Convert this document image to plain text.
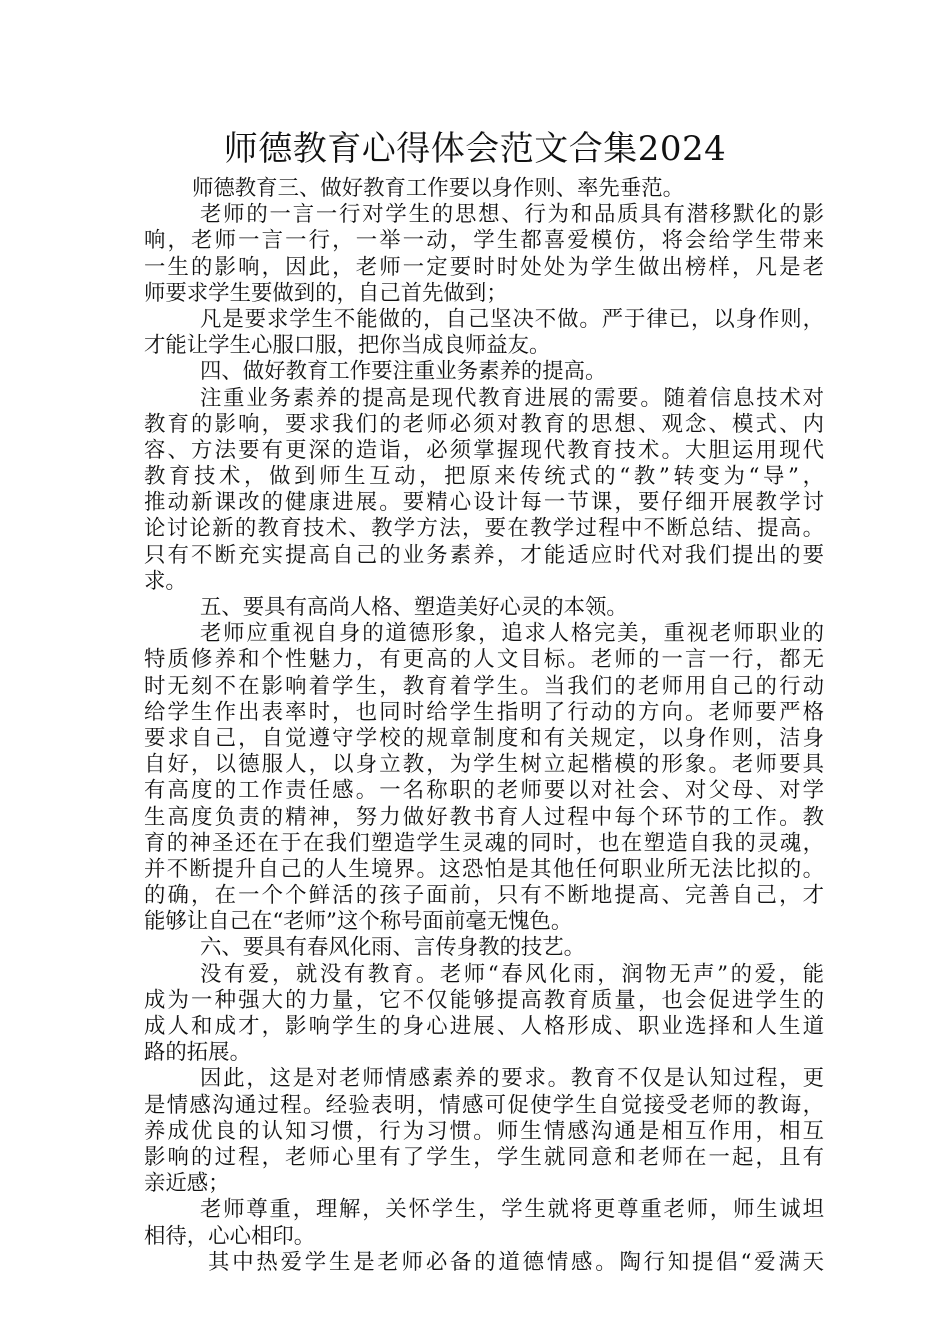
师德教育心得体会范文合集2024
师德教育三、做好教育工作要以身作则、率先垂范。
老师的一言一行对学生的思想、行为和品质具有潜移默化的影
响，老师一言一行，一举一动，学生都喜爱模仿，将会给学生带来
一生的影响，因此，老师一定要时时处处为学生做出榜样，凡是老
师要求学生要做到的，自己首先做到；
凡是要求学生不能做的，自己坚决不做。严于律已，以身作则，
才能让学生心服口服，把你当成良师益友。
四、做好教育工作要注重业务素养的提高。
注重业务素养的提高是现代教育进展的需要。随着信息技术对
教育的影响，要求我们的老师必须对教育的思想、观念、模式、内
容、方法要有更深的造诣，必须掌握现代教育技术。大胆运用现代
教育技术，做到师生互动，把原来传统式的“教”转变为“导”，
推动新课改的健康进展。要精心设计每一节课，要仔细开展教学讨
论讨论新的教育技术、教学方法，要在教学过程中不断总结、提高。
只有不断充实提高自己的业务素养，才能适应时代对我们提出的要
求。
五、要具有高尚人格、塑造美好心灵的本领。
老师应重视自身的道德形象，追求人格完美，重视老师职业的
特质修养和个性魅力，有更高的人文目标。老师的一言一行，都无
时无刻不在影响着学生，教育着学生。当我们的老师用自己的行动
给学生作出表率时，也同时给学生指明了行动的方向。老师要严格
要求自己，自觉遵守学校的规章制度和有关规定，以身作则，洁身
自好，以德服人，以身立教，为学生树立起楷模的形象。老师要具
有高度的工作责任感。一名称职的老师要以对社会、对父母、对学
生高度负责的精神，努力做好教书育人过程中每个环节的工作。教
育的神圣还在于在我们塑造学生灵魂的同时，也在塑造自我的灵魂，
并不断提升自己的人生境界。这恐怕是其他任何职业所无法比拟的。
的确，在一个个鲜活的孩子面前，只有不断地提高、完善自己，才
能够让自己在“老师”这个称号面前毫无愧色。
六、要具有春风化雨、言传身教的技艺。
没有爱，就没有教育。老师“春风化雨，润物无声”的爱，能
成为一种强大的力量，它不仅能够提高教育质量，也会促进学生的
成人和成才，影响学生的身心进展、人格形成、职业选择和人生道
路的拓展。
因此，这是对老师情感素养的要求。教育不仅是认知过程，更
是情感沟通过程。经验表明，情感可促使学生自觉接受老师的教诲，
养成优良的认知习惯，行为习惯。师生情感沟通是相互作用，相互
影响的过程，老师心里有了学生，学生就同意和老师在一起，且有
亲近感；
老师尊重，理解，关怀学生，学生就将更尊重老师，师生诚坦
相待，心心相印。
其中热爱学生是老师必备的道德情感。陶行知提倡“爱满天
